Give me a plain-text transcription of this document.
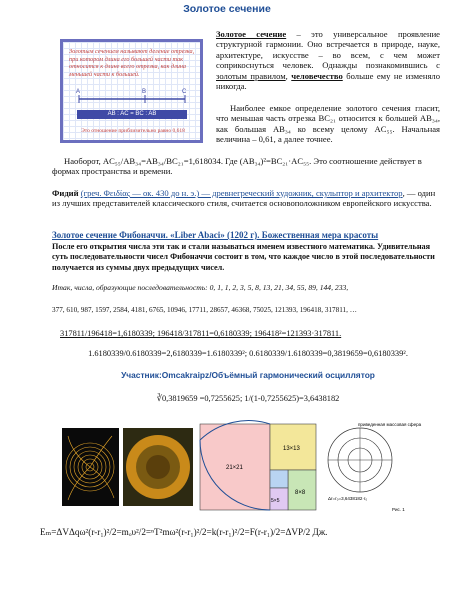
Золотое сечение
Золотым сечением называют деление отрезка, при котором длина его большей части так относится к длине всего отрезка, как длина меньшей части к большей.
A	B	C
AB : AC = BC : AB
Это отношение приблизительно равно 0,618
Золотое сечение – это универсальное проявление структурной гармонии. Оно встречается в природе, науке, архитектуре, искусстве – во всем, с чем может соприкоснуться человек. Однажды познакомившись с золотым правилом, человечество больше ему не изменяло никогда.
Наиболее емкое определение золотого сечения гласит, что меньшая часть отрезка BC₂₁ относится к большей AB₃₄, как большая AB₃₄ ко всему целому AC₅₅. Начальная величина – 0,61, а далее точнее.
Наоборот, AC₅₅/AB₃₄=AB₃₄/BC₂₁=1,618034. Где (AB₃₄)²=BC₂₁·AC₅₅. Это соотношение действует в формах пространства и времени.
Фидий (греч. Φειδίας — ок. 430 до н. э.) — древнегреческий художник, скульптор и архитектор, — один из лучших представителей классического стиля, считается основоположником европейского искусства.
Золотое сечение Фибоначчи. «Liber Abaci» (1202 г). Божественная мера красоты
После его открытия числа эти так и стали называться именем известного математика. Удивительная суть последовательности чисел Фибоначчи состоит в том, что каждое число в этой последовательности получается из суммы двух предыдущих чисел.
Итак, числа, образующие последовательность: 0, 1, 1, 2, 3, 5, 8, 13, 21, 34, 55, 89, 144, 233,
377, 610, 987, 1597, 2584, 4181, 6765, 10946, 17711, 28657, 46368, 75025, 121393, 196418, 317811, …
317811/196418=1,6180339; 196418/317811=0,6180339; 196418²=121393·317811.
1.6180339/0.6180339=2,6180339=1.6180339²; 0.6180339/1.6180339=0,3819659=0,6180339².
Участник:Omcakraipz/Объёмный гармонический осциллятор
∛0,3819659 =0,7255625; 1/(1-0,7255625)=3,6438182
21×21
13×13
8×8
5×5
приведенная массовая сфера
Δr=r₀=3,6438182·r₀
Рис. 1
Eₘ=ΔVΔqω²(r-r₁)²/2=mₒυ²/2=ⁿT²mω²(r-r₁)²/2=k(r-r₁)²/2=F(r-r₁)/2=ΔVP/2 Дж.
